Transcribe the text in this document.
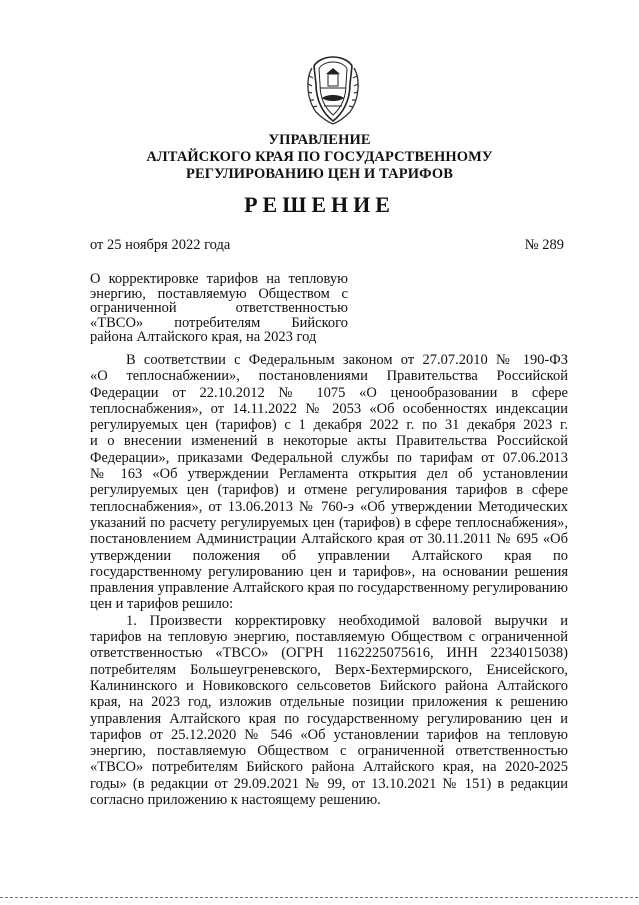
УПРАВЛЕНИЕ
АЛТАЙСКОГО КРАЯ ПО ГОСУДАРСТВЕННОМУ
РЕГУЛИРОВАНИЮ ЦЕН И ТАРИФОВ
РЕШЕНИЕ
от 25 ноября 2022 года	№ 289
О корректировке тарифов на тепловую
энергию, поставляемую Обществом с
ограниченной ответственностью
«ТВСО» потребителям Бийского
района Алтайского края, на 2023 год
В соответствии с Федеральным законом от 27.07.2010 № 190-ФЗ
«О теплоснабжении», постановлениями Правительства Российской
Федерации от 22.10.2012 № 1075 «О ценообразовании в сфере
теплоснабжения», от 14.11.2022 № 2053 «Об особенностях индексации
регулируемых цен (тарифов) с 1 декабря 2022 г. по 31 декабря 2023 г.
и о внесении изменений в некоторые акты Правительства Российской
Федерации», приказами Федеральной службы по тарифам от 07.06.2013
№ 163 «Об утверждении Регламента открытия дел об установлении
регулируемых цен (тарифов) и отмене регулирования тарифов в сфере
теплоснабжения», от 13.06.2013 № 760-э «Об утверждении Методических
указаний по расчету регулируемых цен (тарифов) в сфере теплоснабжения»,
постановлением Администрации Алтайского края от 30.11.2011 № 695 «Об
утверждении положения об управлении Алтайского края по
государственному регулированию цен и тарифов», на основании решения
правления управление Алтайского края по государственному регулированию
цен и тарифов решило:
1. Произвести корректировку необходимой валовой выручки и
тарифов на тепловую энергию, поставляемую Обществом с ограниченной
ответственностью «ТВСО» (ОГРН 1162225075616, ИНН 2234015038)
потребителям Большеугреневского, Верх-Бехтермирского, Енисейского,
Калининского и Новиковского сельсоветов Бийского района Алтайского
края, на 2023 год, изложив отдельные позиции приложения к решению
управления Алтайского края по государственному регулированию цен и
тарифов от 25.12.2020 № 546 «Об установлении тарифов на тепловую
энергию, поставляемую Обществом с ограниченной ответственностью
«ТВСО» потребителям Бийского района Алтайского края, на 2020-2025
годы» (в редакции от 29.09.2021 № 99, от 13.10.2021 № 151) в редакции
согласно приложению к настоящему решению.
